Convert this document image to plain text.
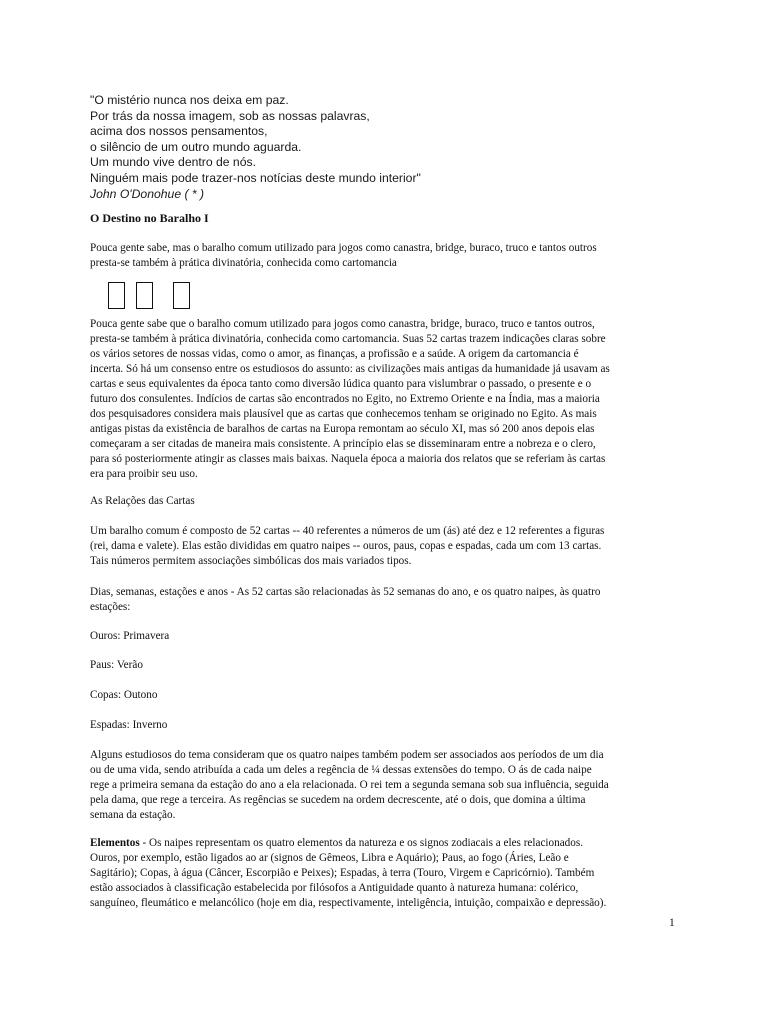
"O mistério nunca nos deixa em paz.
Por trás da nossa imagem, sob as nossas palavras,
acima dos nossos pensamentos,
o silêncio de um outro mundo aguarda.
Um mundo vive dentro de nós.
Ninguém mais pode trazer-nos notícias deste mundo interior"
John O'Donohue ( * )
O Destino no Baralho I

Pouca gente sabe, mas o baralho comum utilizado para jogos como canastra, bridge, buraco, truco e tantos outros
presta-se também à prática divinatória, conhecida como cartomancia

Pouca gente sabe que o baralho comum utilizado para jogos como canastra, bridge, buraco, truco e tantos outros,
presta-se também à prática divinatória, conhecida como cartomancia. Suas 52 cartas trazem indicações claras sobre
os vários setores de nossas vidas, como o amor, as finanças, a profissão e a saúde. A origem da cartomancia é
incerta. Só há um consenso entre os estudiosos do assunto: as civilizações mais antigas da humanidade já usavam as
cartas e seus equivalentes da época tanto como diversão lúdica quanto para vislumbrar o passado, o presente e o
futuro dos consulentes. Indícios de cartas são encontrados no Egito, no Extremo Oriente e na Índia, mas a maioria
dos pesquisadores considera mais plausível que as cartas que conhecemos tenham se originado no Egito. As mais
antigas pistas da existência de baralhos de cartas na Europa remontam ao século XI, mas só 200 anos depois elas
começaram a ser citadas de maneira mais consistente. A princípio elas se disseminaram entre a nobreza e o clero,
para só posteriormente atingir as classes mais baixas. Naquela época a maioria dos relatos que se referiam às cartas
era para proibir seu uso.

As Relações das Cartas

Um baralho comum é composto de 52 cartas -- 40 referentes a números de um (ás) até dez e 12 referentes a figuras
(rei, dama e valete). Elas estão divididas em quatro naipes -- ouros, paus, copas e espadas, cada um com 13 cartas.
Tais números permitem associações simbólicas dos mais variados tipos.

Dias, semanas, estações e anos - As 52 cartas são relacionadas às 52 semanas do ano, e os quatro naipes, às quatro
estações:

Ouros: Primavera

Paus: Verão

Copas: Outono

Espadas: Inverno

Alguns estudiosos do tema consideram que os quatro naipes também podem ser associados aos períodos de um dia
ou de uma vida, sendo atribuída a cada um deles a regência de ¼ dessas extensões do tempo. O ás de cada naipe
rege a primeira semana da estação do ano a ela relacionada. O rei tem a segunda semana sob sua influência, seguida
pela dama, que rege a terceira. As regências se sucedem na ordem decrescente, até o dois, que domina a última
semana da estação.

Elementos - Os naipes representam os quatro elementos da natureza e os signos zodiacais a eles relacionados.
Ouros, por exemplo, estão ligados ao ar (signos de Gêmeos, Libra e Aquário); Paus, ao fogo (Áries, Leão e
Sagitário); Copas, à água (Câncer, Escorpião e Peixes); Espadas, à terra (Touro, Virgem e Capricórnio). Também
estão associados à classificação estabelecida por filósofos a Antiguidade quanto à natureza humana: colérico,
sanguíneo, fleumático e melancólico (hoje em dia, respectivamente, inteligência, intuição, compaixão e depressão).

1
